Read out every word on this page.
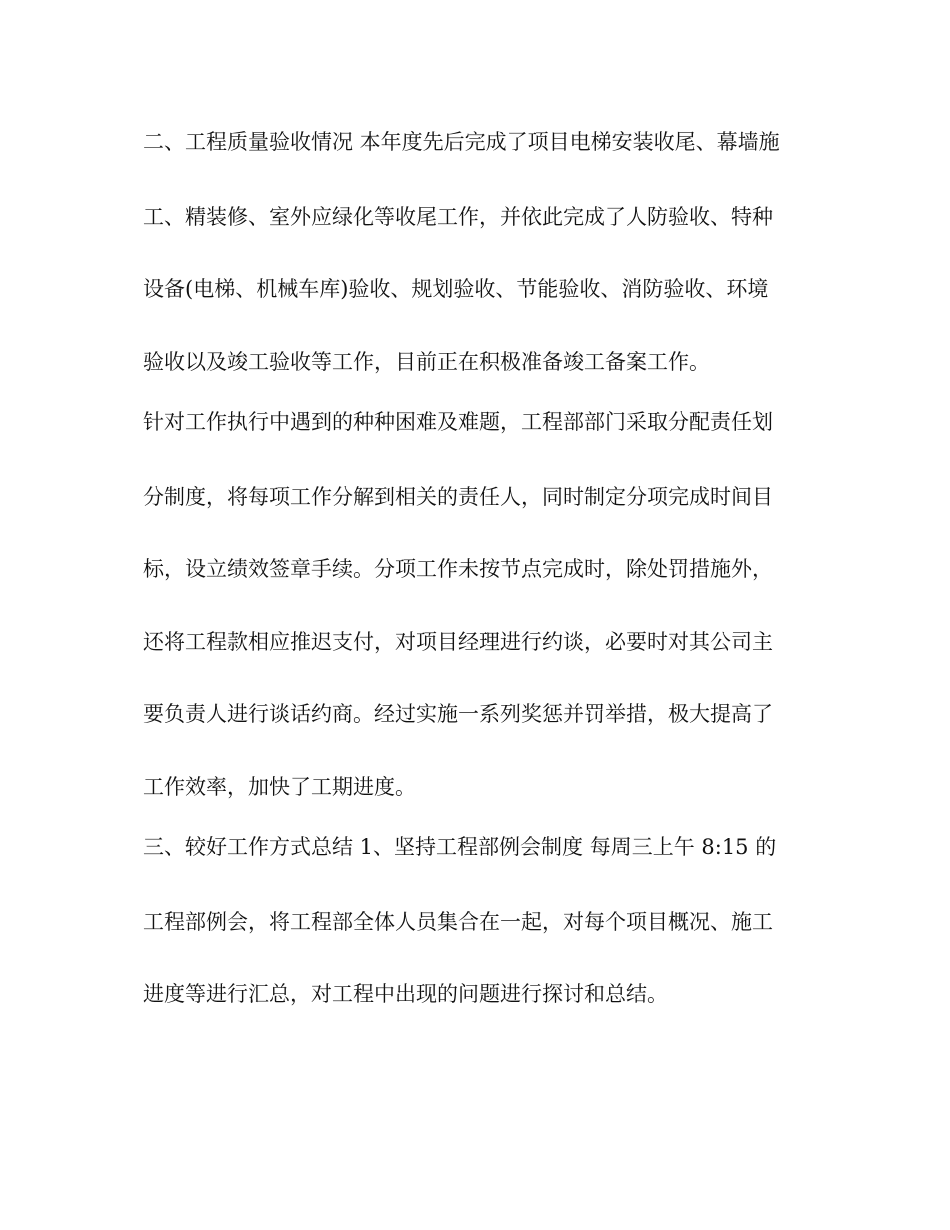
二、工程质量验收情况 本年度先后完成了项目电梯安装收尾、幕墙施
工、精装修、室外应绿化等收尾工作，并依此完成了人防验收、特种
设备(电梯、机械车库)验收、规划验收、节能验收、消防验收、环境
验收以及竣工验收等工作，目前正在积极准备竣工备案工作。
针对工作执行中遇到的种种困难及难题，工程部部门采取分配责任划
分制度，将每项工作分解到相关的责任人，同时制定分项完成时间目
标，设立绩效签章手续。分项工作未按节点完成时，除处罚措施外，
还将工程款相应推迟支付，对项目经理进行约谈，必要时对其公司主
要负责人进行谈话约商。经过实施一系列奖惩并罚举措，极大提高了
工作效率，加快了工期进度。
三、较好工作方式总结 1、坚持工程部例会制度 每周三上午 8:15 的
工程部例会，将工程部全体人员集合在一起，对每个项目概况、施工
进度等进行汇总，对工程中出现的问题进行探讨和总结。
